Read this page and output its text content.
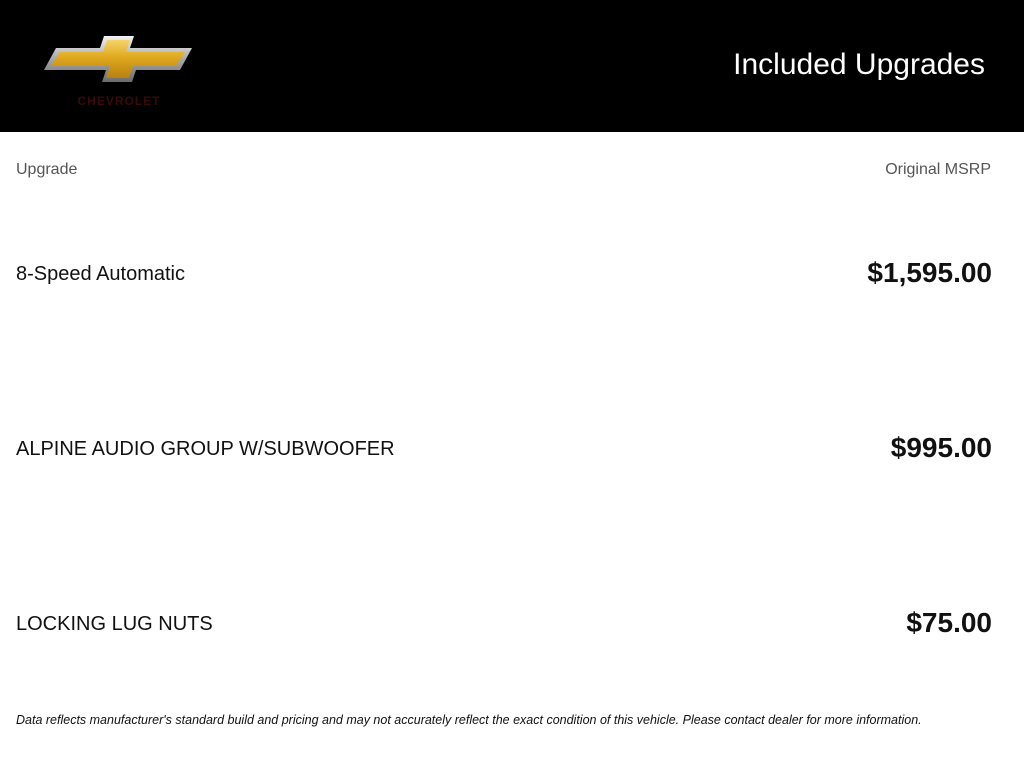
CHEVROLET
Included Upgrades
Upgrade	Original MSRP
8-Speed Automatic	$1,595.00
ALPINE AUDIO GROUP W/SUBWOOFER	$995.00
LOCKING LUG NUTS	$75.00
Data reflects manufacturer's standard build and pricing and may not accurately reflect the exact condition of this vehicle. Please contact dealer for more information.
